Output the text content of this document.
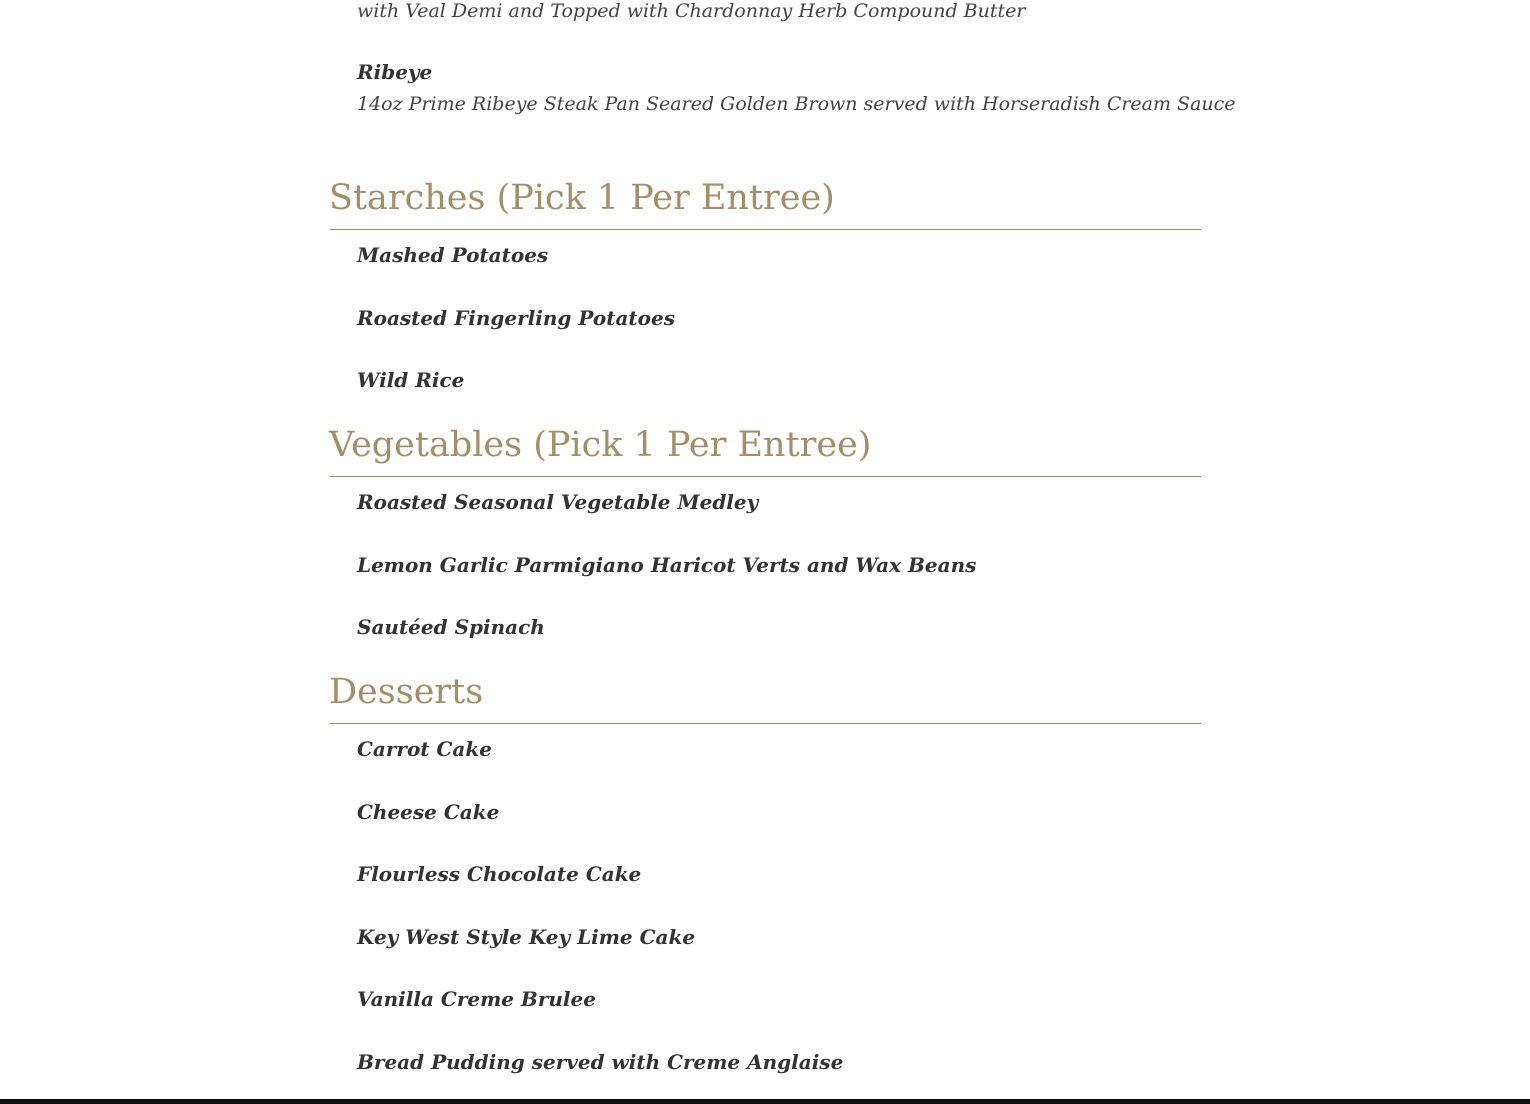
with Veal Demi and Topped with Chardonnay Herb Compound Butter
Ribeye
14oz Prime Ribeye Steak Pan Seared Golden Brown served with Horseradish Cream Sauce
Starches (Pick 1 Per Entree)
Mashed Potatoes
Roasted Fingerling Potatoes
Wild Rice
Vegetables (Pick 1 Per Entree)
Roasted Seasonal Vegetable Medley
Lemon Garlic Parmigiano Haricot Verts and Wax Beans
Sautéed Spinach
Desserts
Carrot Cake
Cheese Cake
Flourless Chocolate Cake
Key West Style Key Lime Cake
Vanilla Creme Brulee
Bread Pudding served with Creme Anglaise
